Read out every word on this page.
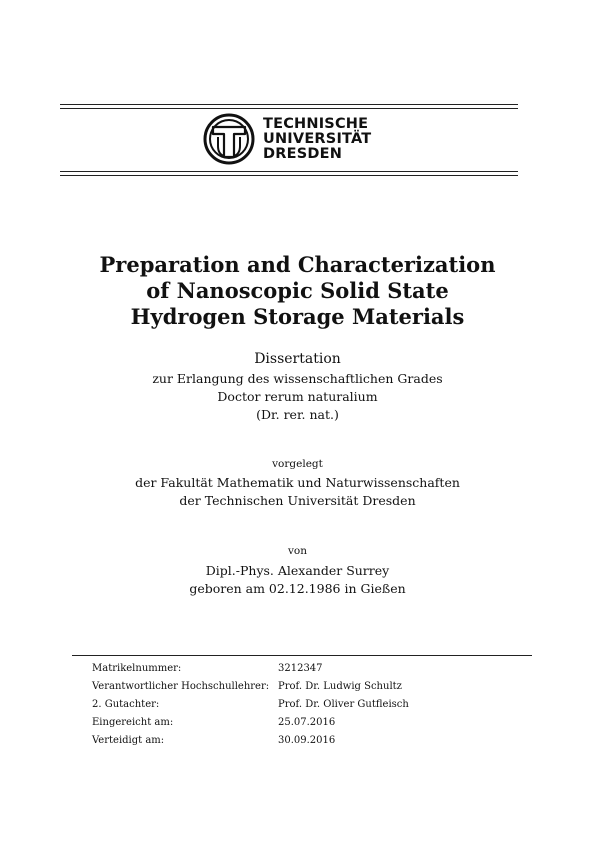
TECHNISCHE
UNIVERSITÄT
DRESDEN
Preparation and Characterization
of Nanoscopic Solid State
Hydrogen Storage Materials
Dissertation
zur Erlangung des wissenschaftlichen Grades
Doctor rerum naturalium
(Dr. rer. nat.)
vorgelegt
der Fakultät Mathematik und Naturwissenschaften
der Technischen Universität Dresden
von
Dipl.-Phys. Alexander Surrey
geboren am 02.12.1986 in Gießen
Matrikelnummer:	3212347
Verantwortlicher Hochschullehrer: Prof. Dr. Ludwig Schultz
2. Gutachter:	Prof. Dr. Oliver Gutfleisch
Eingereicht am:	25.07.2016
Verteidigt am:	30.09.2016
